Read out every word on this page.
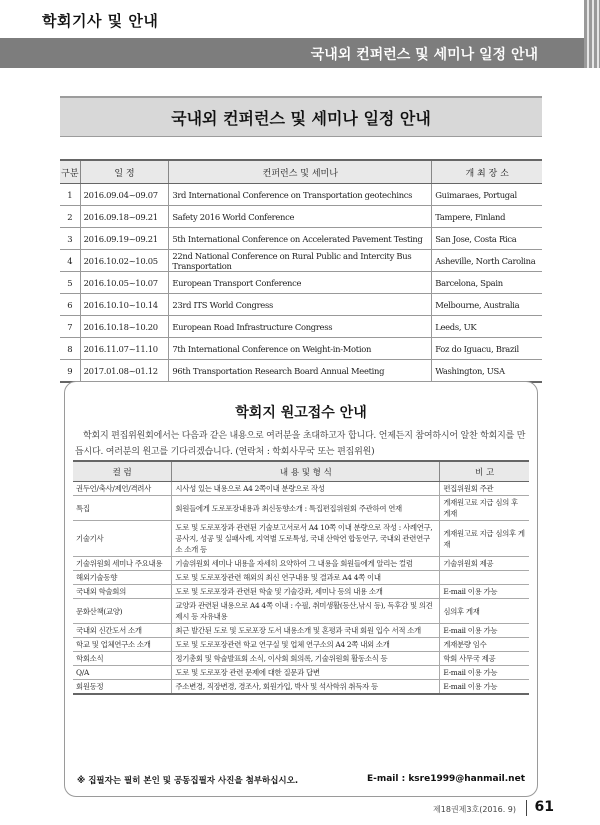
학회기사 및 안내
국내외 컨퍼런스 및 세미나 일정 안내
국내외 컨퍼런스 및 세미나 일정 안내
구분	일 정	컨퍼런스 및 세미나	개 최 장 소
1	2016.09.04~09.07	3rd International Conference on Transportation geotechincs	Guimaraes, Portugal
2	2016.09.18~09.21	Safety 2016 World Conference	Tampere, Finland
3	2016.09.19~09.21	5th International Conference on Accelerated Pavement Testing	San Jose, Costa Rica
4	2016.10.02~10.05	22nd National Conference on Rural Public and Intercity Bus Transportation	Asheville, North Carolina
5	2016.10.05~10.07	European Transport Conference	Barcelona, Spain
6	2016.10.10~10.14	23rd ITS World Congress	Melbourne, Australia
7	2016.10.18~10.20	European Road Infrastructure Congress	Leeds, UK
8	2016.11.07~11.10	7th International Conference on Weight-in-Motion	Foz do Iguacu, Brazil
9	2017.01.08~01.12	96th Transportation Research Board Annual Meeting	Washington, USA
학회지 원고접수 안내
학회지 편집위원회에서는 다음과 같은 내용으로 여러분을 초대하고자 합니다. 언제든지 참여하시어 알찬 학회지를 만듭시다. 여러분의 원고를 기다리겠습니다. (연락처 : 학회사무국 또는 편집위원)
컬 럼	내 용 및 형 식	비 고
권두언/축사/제언/격려사	시사성 있는 내용으로 A4 2쪽이내 분량으로 작성	편집위원회 주관
특집	회원들에게 도로포장내용과 최신동향소개 : 특집편집위원회 주관하여 연재	게재원고료 지급 심의 후 게재
기술기사	도로 및 도로포장과 관련된 기술보고서로서 A4 10쪽 이내 분량으로 작성 : 사례연구, 공사지, 성공 및 실패사례, 지역별 도로특성, 국내 산학연 합동연구, 국내외 관련연구소 소개 등	게재원고료 지급 심의후 게재
기술위원회 세미나 주요내용	기술위원회 세미나 내용을 자세히 요약하여 그 내용을 회원들에게 알리는 컬럼	기술위원회 제공
해외기술동향	도로 및 도로포장관련 해외의 최신 연구내용 및 결과로 A4 4쪽 이내	
국내외 학술회의	도로 및 도로포장과 관련된 학술 및 기술강좌, 세미나 등의 내용 소개	E-mail 이용 가능
문화산책(교양)	교양과 관련된 내용으로 A4 4쪽 이내 : 수필, 취미생활(등산,낚시 등), 독후감 및 의견제시 등 자유내용	심의후 게재
국내외 신간도서 소개	최근 발간된 도로 및 도로포장 도서 내용소개 및 혼평과 국내 회원 입수 서적 소개	E-mail 이용 가능
학교 및 업체연구소 소개	도로 및 도로포장관련 학교 연구실 및 업체 연구소의 A4 2쪽 내외 소개	게재분량 임수
학회소식	정기총회 및 학술발표회 소식, 이사회 회의록, 기술위원회 활동소식 등	학회 사무국 제공
Q/A	도로 및 도로포장 관련 문제에 대한 질문과 답변	E-mail 이용 가능
회원동정	주소변경, 직장변경, 경조사, 회원가입, 박사 및 석사학위 취득자 등	E-mail 이용 가능
※ 집필자는 필히 본인 및 공동집필자 사진을 첨부하십시오.	E-mail : ksre1999@hanmail.net
제18권제3호(2016. 9) 61
